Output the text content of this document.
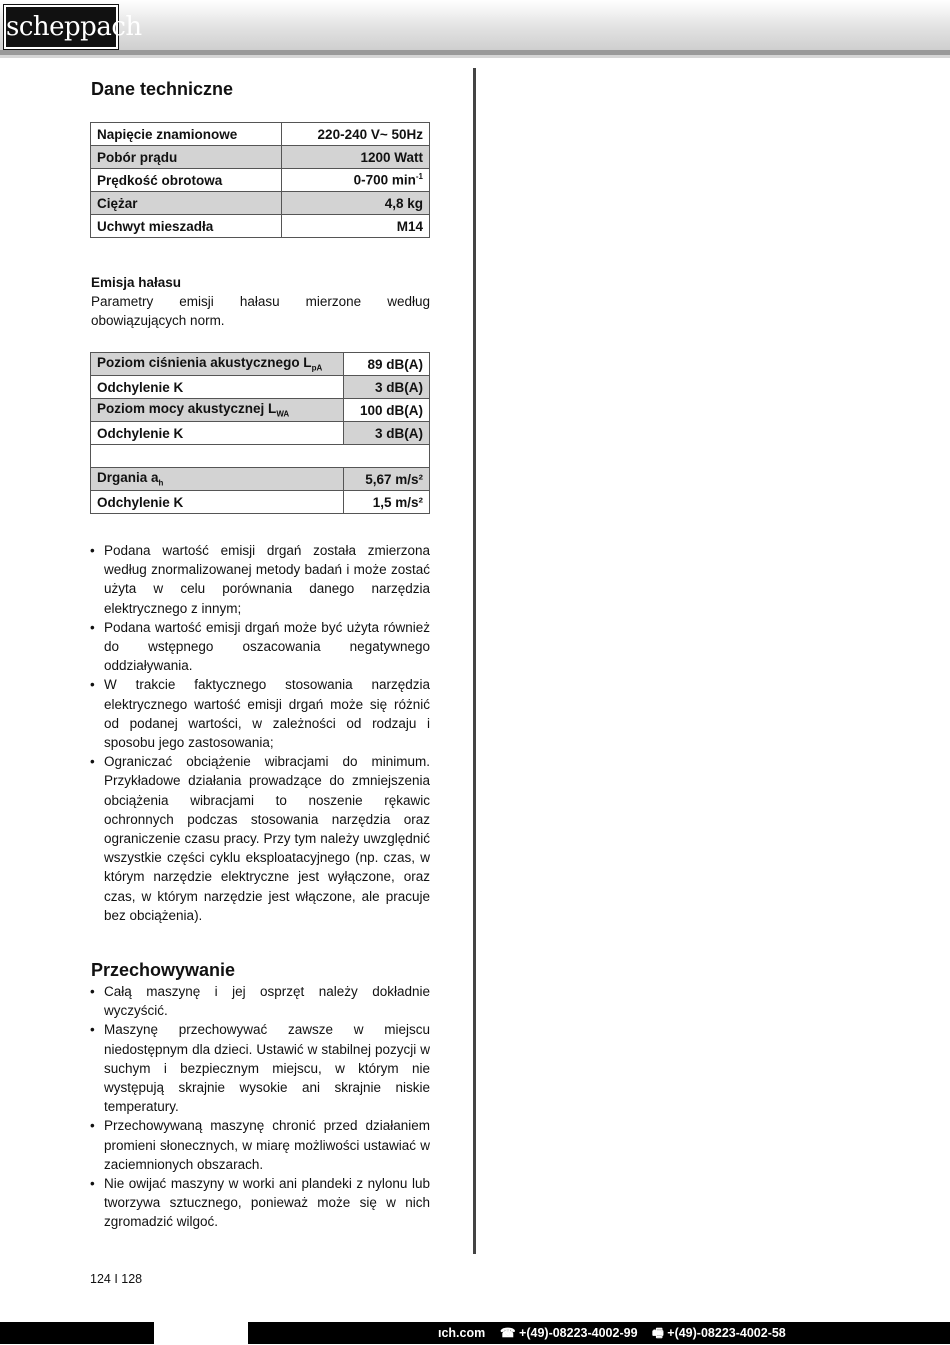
scheppach
Dane techniczne
Napięcie znamionowe	220-240 V~ 50Hz
Pobór prądu	1200 Watt
Prędkość obrotowa	0-700 $\min^{-1}$
Ciężar	4,8 kg
Uchwyt mieszadła	M14
Emisja hałasu

Parametry emisji hałasu mierzone według obowiązujących norm.

Poziom ciśnienia akustycznego $L_{pA}$	89 dB(A)
Odchylenie K	3 dB(A)
Poziom mocy akustycznej $L_{WA}$	100 dB(A)
Odchylenie K	3 dB(A)

Drgania $a_h$	5,67 m/s²
Odchylenie K	1,5 m/s²
• Podana wartość emisji drgań została zmierzona według znormalizowanej metody badań i może zostać użyta w celu porównania danego narzędzia elektrycznego z innym;
• Podana wartość emisji drgań może być użyta również do wstępnego oszacowania negatywnego oddziaływania.
• W trakcie faktycznego stosowania narzędzia elektrycznego wartość emisji drgań może się różnić od podanej wartości, w zależności od rodzaju i sposobu jego zastosowania;
• Ograniczać obciążenie wibracjami do minimum. Przykładowe działania prowadzące do zmniejszenia obciążenia wibracjami to noszenie rękawic ochronnych podczas stosowania narzędzia oraz ograniczenie czasu pracy. Przy tym należy uwzględnić wszystkie części cyklu eksploatacyjnego (np. czas, w którym narzędzie elektryczne jest wyłączone, oraz czas, w którym narzędzie jest włączone, ale pracuje bez obciążenia).
Przechowywanie
• Całą maszynę i jej osprzęt należy dokładnie wyczyścić.
• Maszynę przechowywać zawsze w miejscu niedostępnym dla dzieci. Ustawić w stabilnej pozycji w suchym i bezpiecznym miejscu, w którym nie występują skrajnie wysokie ani skrajnie niskie temperatury.
• Przechowywaną maszynę chronić przed działaniem promieni słonecznych, w miarę możliwości ustawiać w zaciemnionych obszarach.
• Nie owijać maszyny w worki ani plandeki z nylonu lub tworzywa sztucznego, ponieważ może się w nich zgromadzić wilgoć.
124 I 128
ıch.com ☎ +(49)-08223-4002-99 🖷 +(49)-08223-4002-58
